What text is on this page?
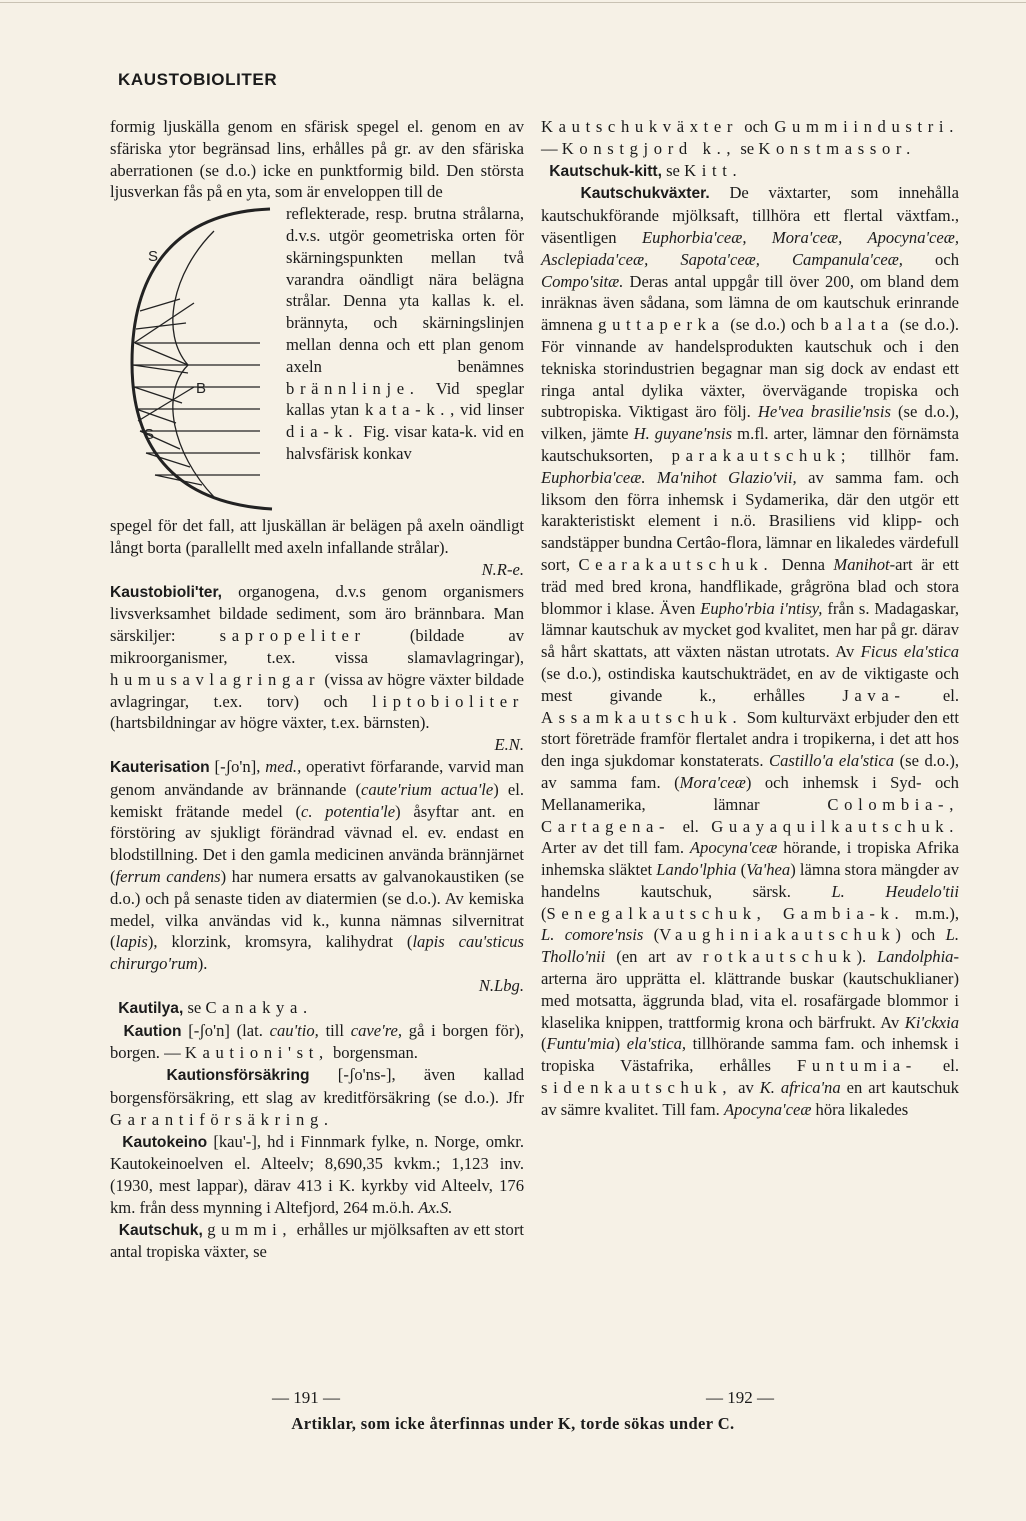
KAUSTOBIOLITER
formig ljuskälla genom en sfärisk spegel el. genom en av sfäriska ytor begränsad lins, erhålles på gr. av den sfäriska aberrationen (se d.o.) icke en punktformig bild. Den största ljusverkan fås på en yta, som är enveloppen till de
S
B
S
reflekterade, resp. brutna strålarna, d.v.s. utgör geometriska orten för skärningspunkten mellan två varandra oändligt nära belägna strålar. Denna yta kallas k. el. brännyta, och skärningslinjen mellan denna och ett plan genom axeln benämnes brännlinje. Vid speglar kallas ytan kata-k., vid linser dia-k. Fig. visar kata-k. vid en halvsfärisk konkav
spegel för det fall, att ljuskällan är belägen på axeln oändligt långt borta (parallellt med axeln infallande strålar).
N.R-e.
Kaustobioli'ter, organogena, d.v.s genom organismers livsverksamhet bildade sediment, som äro brännbara. Man särskiljer:	sapropeliter	(bildade av mikroorganismer, t.ex. vissa slamavlagringar), humusavlagringar (vissa av högre växter bildade avlagringar, t.ex. torv) och liptobioliter (hartsbildningar av högre växter, t.ex. bärnsten).
E.N.
Kauterisation [-ʃo'n], med., operativt förfarande, varvid man genom användande av brännande (caute'rium actua'le) el. kemiskt frätande medel (c. potentia'le) åsyftar ant. en förstöring av sjukligt förändrad vävnad el. ev. endast en blodstillning. Det i den gamla medicinen använda brännjärnet (ferrum candens) har numera ersatts av galvanokaustiken (se d.o.) och på senaste tiden av diatermien (se d.o.). Av kemiska medel, vilka användas vid k., kunna nämnas silvernitrat (lapis), klorzink, kromsyra, kalihydrat (lapis cau'sticus chirurgo'rum).
N.Lbg.
Kautilya, se Canakya.
Kaution [-ʃo'n] (lat. cau'tio, till cave're, gå i borgen för), borgen. — Kautioni'st, borgensman.
Kautionsförsäkring [-ʃo'ns-], även kallad borgensförsäkring, ett slag av kreditförsäkring (se d.o.). Jfr Garantiförsäkring.
Kautokeino [kau'-], hd i Finnmark fylke, n. Norge, omkr. Kautokeinoelven el. Alteelv; 8,690,35 kvkm.; 1,123 inv. (1930, mest lappar), därav 413 i K. kyrkby vid Alteelv, 176 km. från dess mynning i Altefjord, 264 m.ö.h. Ax.S.
Kautschuk, gummi, erhålles ur mjölksaften av ett stort antal tropiska växter, se
Kautschukväxter och Gummiindustri. — Konstgjord k., se Konstmassor.
Kautschuk-kitt, se Kitt.
Kautschukväxter. De växtarter, som innehålla kautschukförande mjölksaft, tillhöra ett flertal växtfam., väsentligen Euphorbia'ceæ, Mora'ceæ, Apocyna'ceæ, Asclepiada'ceæ, Sapota'ceæ, Campanula'ceæ, och Compo'sitæ. Deras antal uppgår till över 200, om bland dem inräknas även sådana, som lämna de om kautschuk erinrande ämnena guttaperka (se d.o.) och balata (se d.o.). För vinnande av handelsprodukten kautschuk och i den tekniska storindustrien begagnar man sig dock av endast ett ringa antal dylika växter, övervägande tropiska och subtropiska. Viktigast äro följ. He'vea brasilie'nsis (se d.o.), vilken, jämte H. guyane'nsis m.fl. arter, lämnar den förnämsta kautschuksorten, parakautschuk; tillhör fam. Euphorbia'ceæ. Ma'nihot Glazio'vii, av samma fam. och liksom den förra inhemsk i Sydamerika, där den utgör ett karakteristiskt element i n.ö. Brasiliens vid klipp- och sandstäpper bundna Certâo-flora, lämnar en likaledes värdefull sort, Cearakautschuk. Denna Manihot-art är ett träd med bred krona, handflikade, grågröna blad och stora blommor i klase. Även Eupho'rbia i'ntisy, från s. Madagaskar, lämnar kautschuk av mycket god kvalitet, men har på gr. därav så hårt skattats, att växten nästan utrotats. Av Ficus ela'stica (se d.o.), ostindiska kautschukträdet, en av de viktigaste och mest givande k., erhålles Java- el. Assamkautschuk. Som kulturväxt erbjuder den ett stort företräde framför flertalet andra i tropikerna, i det att hos den inga sjukdomar konstaterats. Castillo'a ela'stica (se d.o.), av samma fam. (Mora'ceæ) och inhemsk i Syd- och Mellanamerika, lämnar	Colombia-, Cartagena- el. Guayaquilkautschuk. Arter av det till fam. Apocyna'ceæ hörande, i tropiska Afrika inhemska släktet Lando'lphia (Va'hea) lämna stora mängder av handelns kautschuk, särsk. L. Heudelo'tii (Senegalkautschuk, Gambia-k. m.m.), L. comore'nsis (Vaughiniakautschuk) och L. Thollo'nii (en art av rotkautschuk). Landolphia-arterna äro upprätta el. klättrande buskar (kautschuklianer) med motsatta, äggrunda blad, vita el. rosafärgade blommor i klaselika knippen, trattformig krona och bärfrukt. Av Ki'ckxia (Funtu'mia) ela'stica, tillhörande samma fam. och inhemsk i tropiska Västafrika, erhålles Funtumia- el. sidenkautschuk, av K. africa'na en art kautschuk av sämre kvalitet. Till fam. Apocyna'ceæ höra likaledes
— 191 —	— 192 —
Artiklar, som icke återfinnas under K, torde sökas under C.
